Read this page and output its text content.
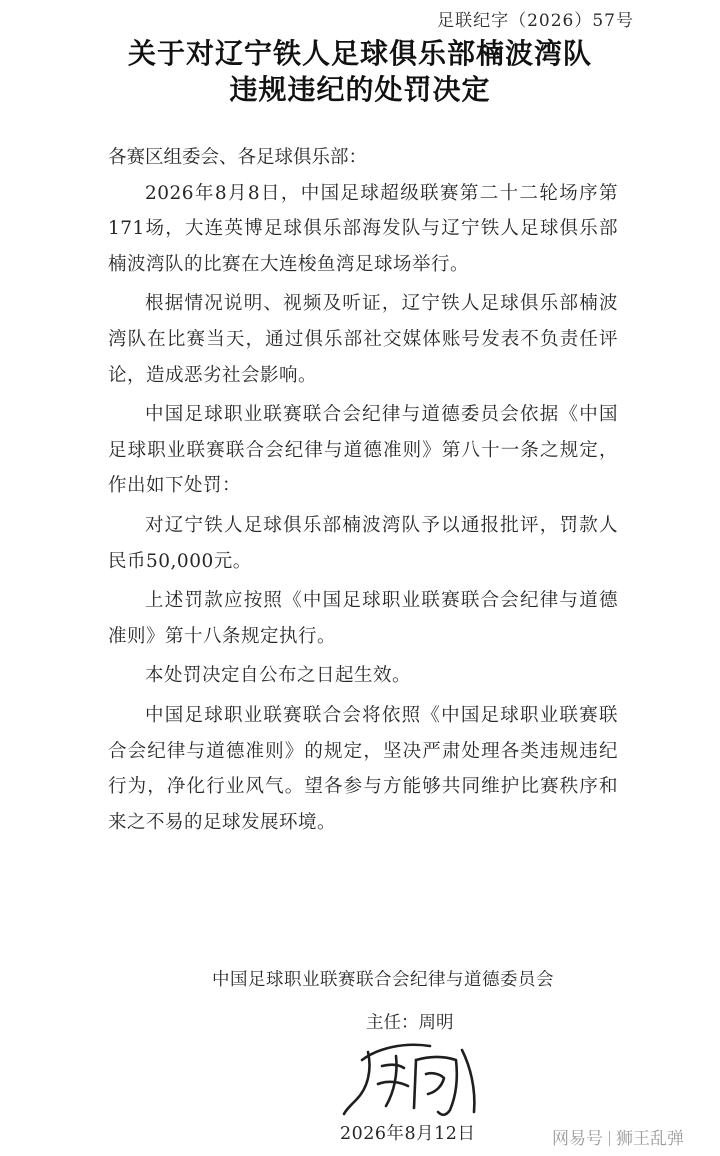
足联纪字（2026）57号
关于对辽宁铁人足球俱乐部楠波湾队
违规违纪的处罚决定

各赛区组委会、各足球俱乐部：

2026年8月8日，中国足球超级联赛第二十二轮场序第171场，大连英博足球俱乐部海发队与辽宁铁人足球俱乐部楠波湾队的比赛在大连梭鱼湾足球场举行。

根据情况说明、视频及听证，辽宁铁人足球俱乐部楠波湾队在比赛当天，通过俱乐部社交媒体账号发表不负责任评论，造成恶劣社会影响。

中国足球职业联赛联合会纪律与道德委员会依据《中国足球职业联赛联合会纪律与道德准则》第八十一条之规定，作出如下处罚：

对辽宁铁人足球俱乐部楠波湾队予以通报批评，罚款人民币50,000元。

上述罚款应按照《中国足球职业联赛联合会纪律与道德准则》第十八条规定执行。

本处罚决定自公布之日起生效。

中国足球职业联赛联合会将依照《中国足球职业联赛联合会纪律与道德准则》的规定，坚决严肃处理各类违规违纪行为，净化行业风气。望各参与方能够共同维护比赛秩序和来之不易的足球发展环境。

中国足球职业联赛联合会纪律与道德委员会
主任：周明
2026年8月12日	网易号 狮王乱弹
